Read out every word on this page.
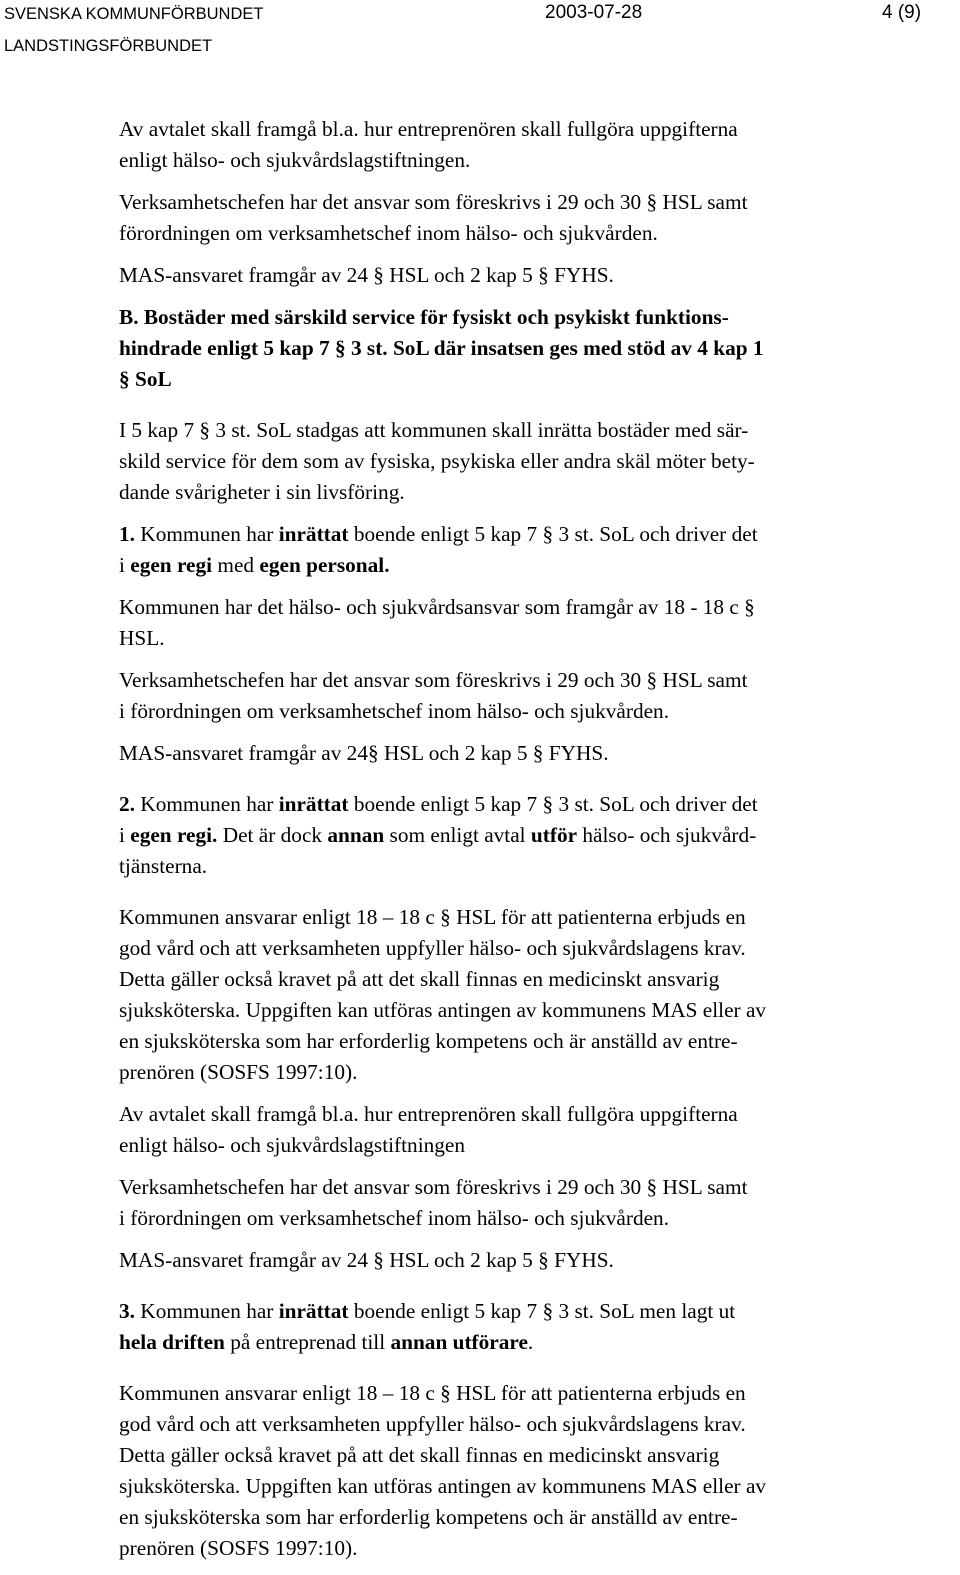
SVENSKA KOMMUNFÖRBUNDET
LANDSTINGSFÖRBUNDET
2003-07-28	4 (9)

Av avtalet skall framgå bl.a. hur entreprenören skall fullgöra uppgifterna
enligt hälso- och sjukvårdslagstiftningen.

Verksamhetschefen har det ansvar som föreskrivs i 29 och 30 § HSL samt
förordningen om verksamhetschef inom hälso- och sjukvården.

MAS-ansvaret framgår av 24 § HSL och 2 kap 5 § FYHS.

B. Bostäder med särskild service för fysiskt och psykiskt funktions-
hindrade enligt 5 kap 7 § 3 st. SoL där insatsen ges med stöd av 4 kap 1
§ SoL

I 5 kap 7 § 3 st. SoL stadgas att kommunen skall inrätta bostäder med sär-
skild service för dem som av fysiska, psykiska eller andra skäl möter bety-
dande svårigheter i sin livsföring.

1. Kommunen har inrättat boende enligt 5 kap 7 § 3 st. SoL och driver det
i egen regi med egen personal.

Kommunen har det hälso- och sjukvårdsansvar som framgår av 18 - 18 c §
HSL.

Verksamhetschefen har det ansvar som föreskrivs i 29 och 30 § HSL samt
i förordningen om verksamhetschef inom hälso- och sjukvården.

MAS-ansvaret framgår av 24§ HSL och 2 kap 5 § FYHS.

2. Kommunen har inrättat boende enligt 5 kap 7 § 3 st. SoL och driver det
i egen regi. Det är dock annan som enligt avtal utför hälso- och sjukvård-
tjänsterna.

Kommunen ansvarar enligt 18 – 18 c § HSL för att patienterna erbjuds en
god vård och att verksamheten uppfyller hälso- och sjukvårdslagens krav.
Detta gäller också kravet på att det skall finnas en medicinskt ansvarig
sjuksköterska. Uppgiften kan utföras antingen av kommunens MAS eller av
en sjuksköterska som har erforderlig kompetens och är anställd av entre-
prenören (SOSFS 1997:10).

Av avtalet skall framgå bl.a. hur entreprenören skall fullgöra uppgifterna
enligt hälso- och sjukvårdslagstiftningen

Verksamhetschefen har det ansvar som föreskrivs i 29 och 30 § HSL samt
i förordningen om verksamhetschef inom hälso- och sjukvården.

MAS-ansvaret framgår av 24 § HSL och 2 kap 5 § FYHS.

3. Kommunen har inrättat boende enligt 5 kap 7 § 3 st. SoL men lagt ut
hela driften på entreprenad till annan utförare.

Kommunen ansvarar enligt 18 – 18 c § HSL för att patienterna erbjuds en
god vård och att verksamheten uppfyller hälso- och sjukvårdslagens krav.
Detta gäller också kravet på att det skall finnas en medicinskt ansvarig
sjuksköterska. Uppgiften kan utföras antingen av kommunens MAS eller av
en sjuksköterska som har erforderlig kompetens och är anställd av entre-
prenören (SOSFS 1997:10).
